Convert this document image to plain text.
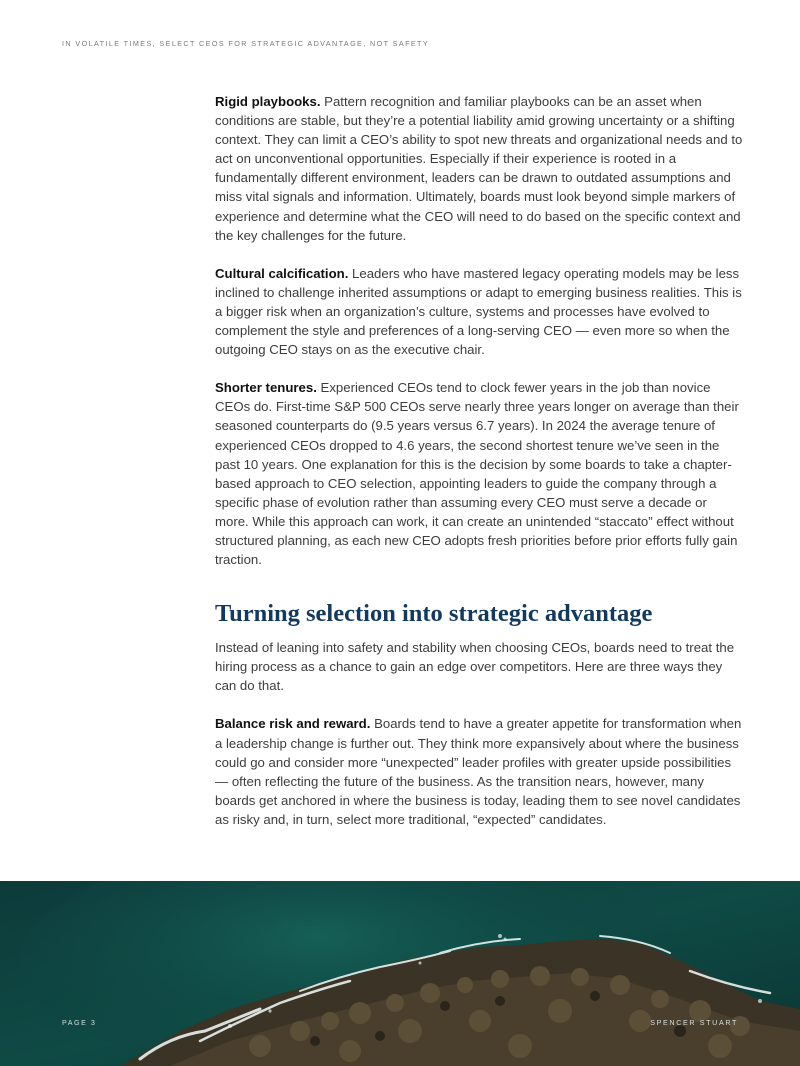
IN VOLATILE TIMES, SELECT CEOS FOR STRATEGIC ADVANTAGE, NOT SAFETY

Rigid playbooks. Pattern recognition and familiar playbooks can be an asset when conditions are stable, but they’re a potential liability amid growing uncertainty or a shifting context. They can limit a CEO’s ability to spot new threats and organizational needs and to act on unconventional opportunities. Especially if their experience is rooted in a fundamentally different environment, leaders can be drawn to outdated assumptions and miss vital signals and information. Ultimately, boards must look beyond simple markers of experience and determine what the CEO will need to do based on the specific context and the key challenges for the future.

Cultural calcification. Leaders who have mastered legacy operating models may be less inclined to challenge inherited assumptions or adapt to emerging business realities. This is a bigger risk when an organization’s culture, systems and processes have evolved to complement the style and preferences of a long-serving CEO — even more so when the outgoing CEO stays on as the executive chair.

Shorter tenures. Experienced CEOs tend to clock fewer years in the job than novice CEOs do. First-time S&P 500 CEOs serve nearly three years longer on average than their seasoned counterparts do (9.5 years versus 6.7 years). In 2024 the average tenure of experienced CEOs dropped to 4.6 years, the second shortest tenure we’ve seen in the past 10 years. One explanation for this is the decision by some boards to take a chapter-based approach to CEO selection, appointing leaders to guide the company through a specific phase of evolution rather than assuming every CEO must serve a decade or more. While this approach can work, it can create an unintended “staccato” effect without structured planning, as each new CEO adopts fresh priorities before prior efforts fully gain traction.

Turning selection into strategic advantage

Instead of leaning into safety and stability when choosing CEOs, boards need to treat the hiring process as a chance to gain an edge over competitors. Here are three ways they can do that.

Balance risk and reward. Boards tend to have a greater appetite for transformation when a leadership change is further out. They think more expansively about where the business could go and consider more “unexpected” leader profiles with greater upside possibilities — often reflecting the future of the business. As the transition nears, however, many boards get anchored in where the business is today, leading them to see novel candidates as risky and, in turn, select more traditional, “expected” candidates.

PAGE 3	SPENCER STUART
